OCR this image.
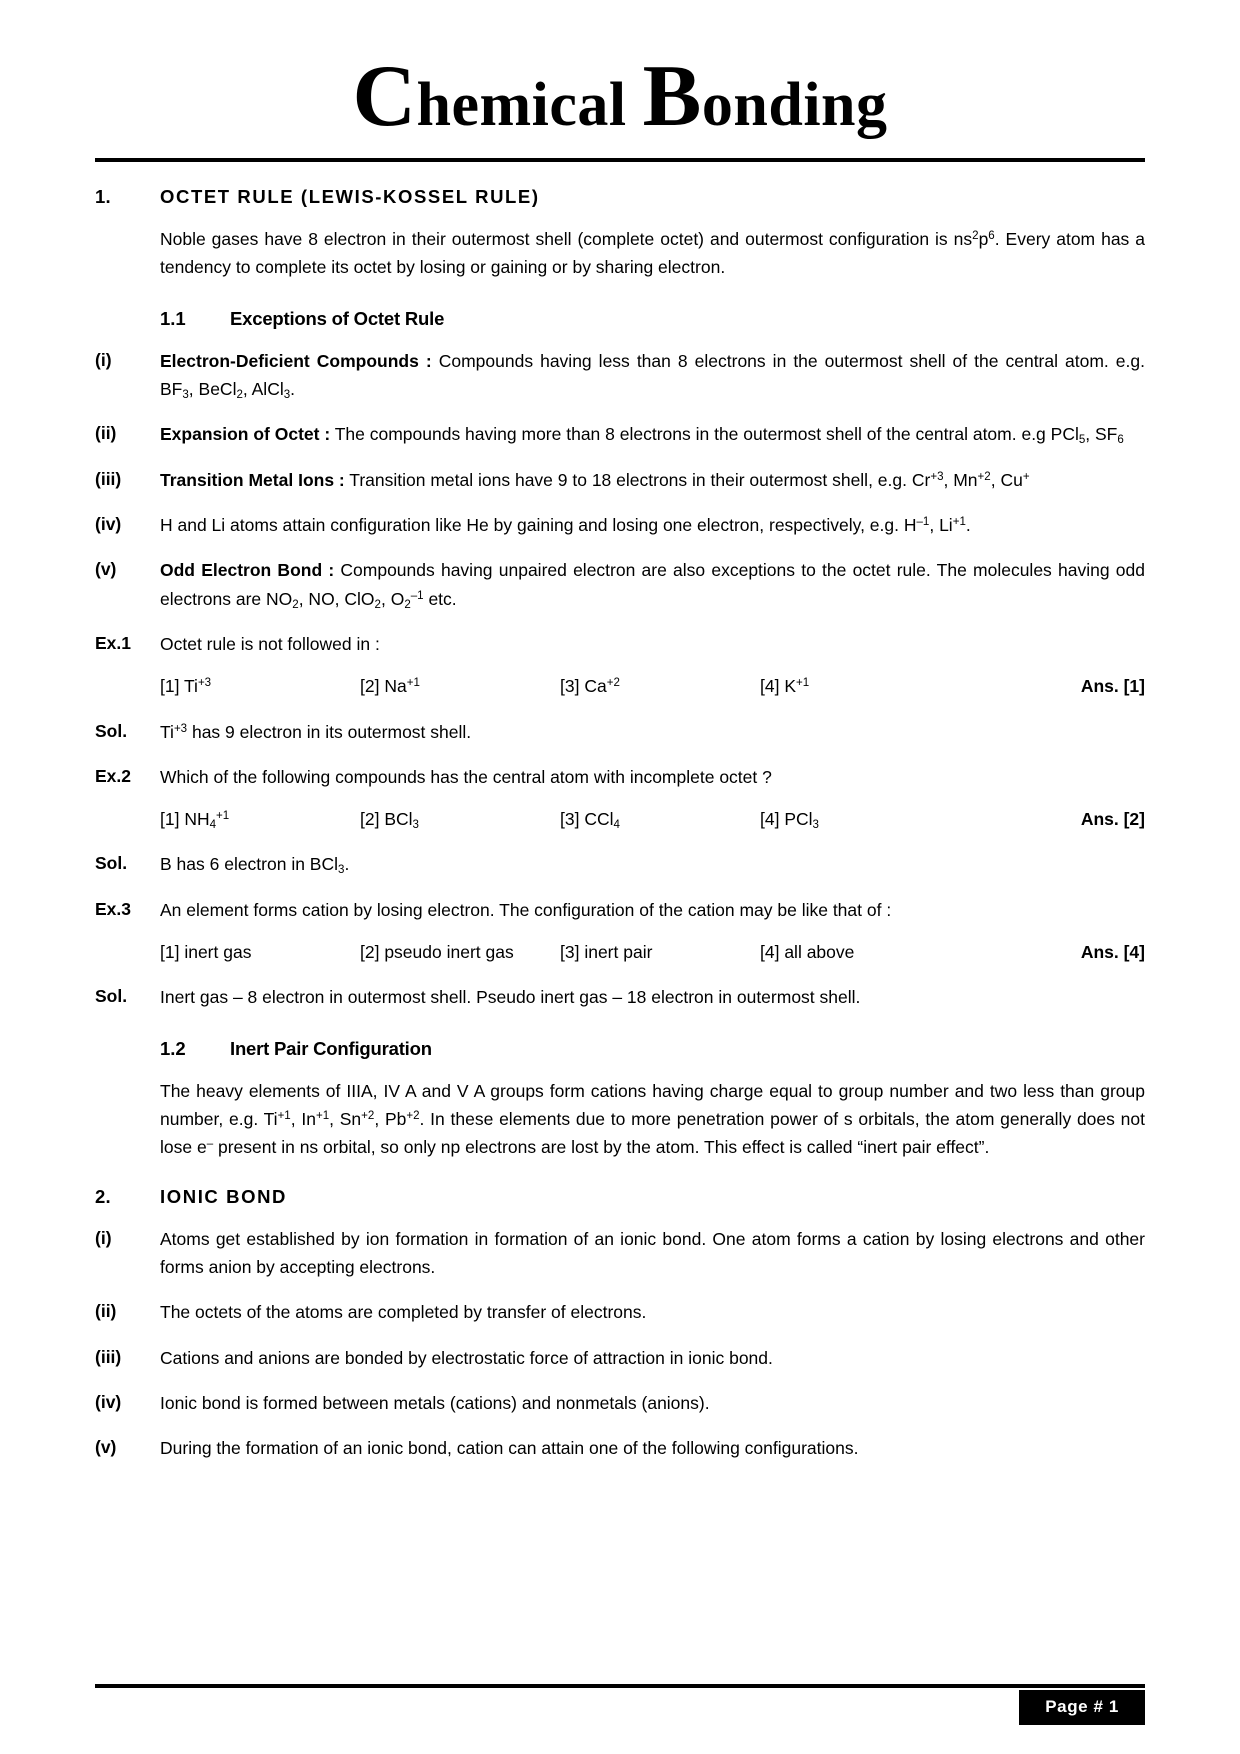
Chemical Bonding
1.	OCTET RULE (LEWIS-KOSSEL RULE)
Noble gases have 8 electron in their outermost shell (complete octet) and outermost configuration is $ns^2p^6$. Every atom has a tendency to complete its octet by losing or gaining or by sharing electron.
1.1	Exceptions of Octet Rule
(i)	Electron-Deficient Compounds : Compounds having less than 8 electrons in the outermost shell of the central atom. e.g. $BF_3$, BeCl$_2$, AlCl$_3$.
(ii)	Expansion of Octet : The compounds having more than 8 electrons in the outermost shell of the central atom. e.g PCl$_5$, $SF_6$
(iii)	Transition Metal Ions : Transition metal ions have 9 to 18 electrons in their outermost shell, e.g. $Cr^{+3}$, $Mn^{+2}$, Cu+
(iv)	H and Li atoms attain configuration like He by gaining and losing one electron, respectively, e.g. $H^{-1}$, $Li^{+1}$.
(v)	Odd Electron Bond : Compounds having unpaired electron are also exceptions to the octet rule. The molecules having odd electrons are $NO_2$, NO, ClO$_2$, $O_2^{-1}$ etc.
Ex.1	Octet rule is not followed in :
[1] $Ti^{+3}$	[2] $Na^{+1}$	[3] $Ca^{+2}$	[4] $K^{+1}$	Ans. [1]
Sol.	$Ti^{+3}$ has 9 electron in its outermost shell.
Ex.2	Which of the following compounds has the central atom with incomplete octet ?
[1] $NH_4^{+1}$	[2] BCl$_3$	[3] CCl$_4$	[4] PCl$_3$	Ans. [2]
Sol.	B has 6 electron in BCl$_3$.
Ex.3	An element forms cation by losing electron. The configuration of the cation may be like that of :
[1] inert gas	[2] pseudo inert gas	[3] inert pair	[4] all above	Ans. [4]
Sol.	Inert gas – 8 electron in outermost shell. Pseudo inert gas – 18 electron in outermost shell.
1.2	Inert Pair Configuration
The heavy elements of IIIA, IV A and V A groups form cations having charge equal to group number and two less than group number, e.g. $Ti^{+1}$, $In^{+1}$, $Sn^{+2}$, $Pb^{+2}$. In these elements due to more penetration power of s orbitals, the atom generally does not lose e– present in ns orbital, so only np electrons are lost by the atom. This effect is called “inert pair effect”.
2.	IONIC BOND
(i)	Atoms get established by ion formation in formation of an ionic bond. One atom forms a cation by losing electrons and other forms anion by accepting electrons.
(ii)	The octets of the atoms are completed by transfer of electrons.
(iii)	Cations and anions are bonded by electrostatic force of attraction in ionic bond.
(iv)	Ionic bond is formed between metals (cations) and nonmetals (anions).
(v)	During the formation of an ionic bond, cation can attain one of the following configurations.
Page # 1
